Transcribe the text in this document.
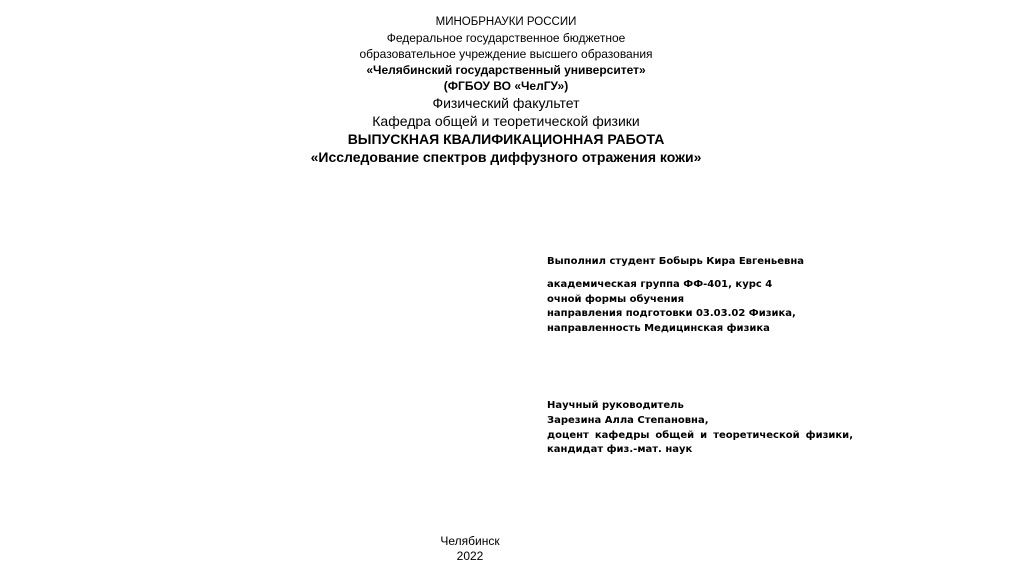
МИНОБРНАУКИ РОССИИ
Федеральное государственное бюджетное
образовательное учреждение высшего образования
«Челябинский государственный университет»
(ФГБОУ ВО «ЧелГУ»)
Физический факультет
Кафедра общей и теоретической физики
ВЫПУСКНАЯ КВАЛИФИКАЦИОННАЯ РАБОТА
«Исследование спектров диффузного отражения кожи»
Выполнил студент Бобырь Кира Евгеньевна
академическая группа ФФ-401, курс 4
очной формы обучения
направления подготовки 03.03.02 Физика,
направленность Медицинская физика
Научный руководитель
Зарезина Алла Степановна,
доцент кафедры общей и теоретической физики,
кандидат физ.-мат. наук
Челябинск
2022
